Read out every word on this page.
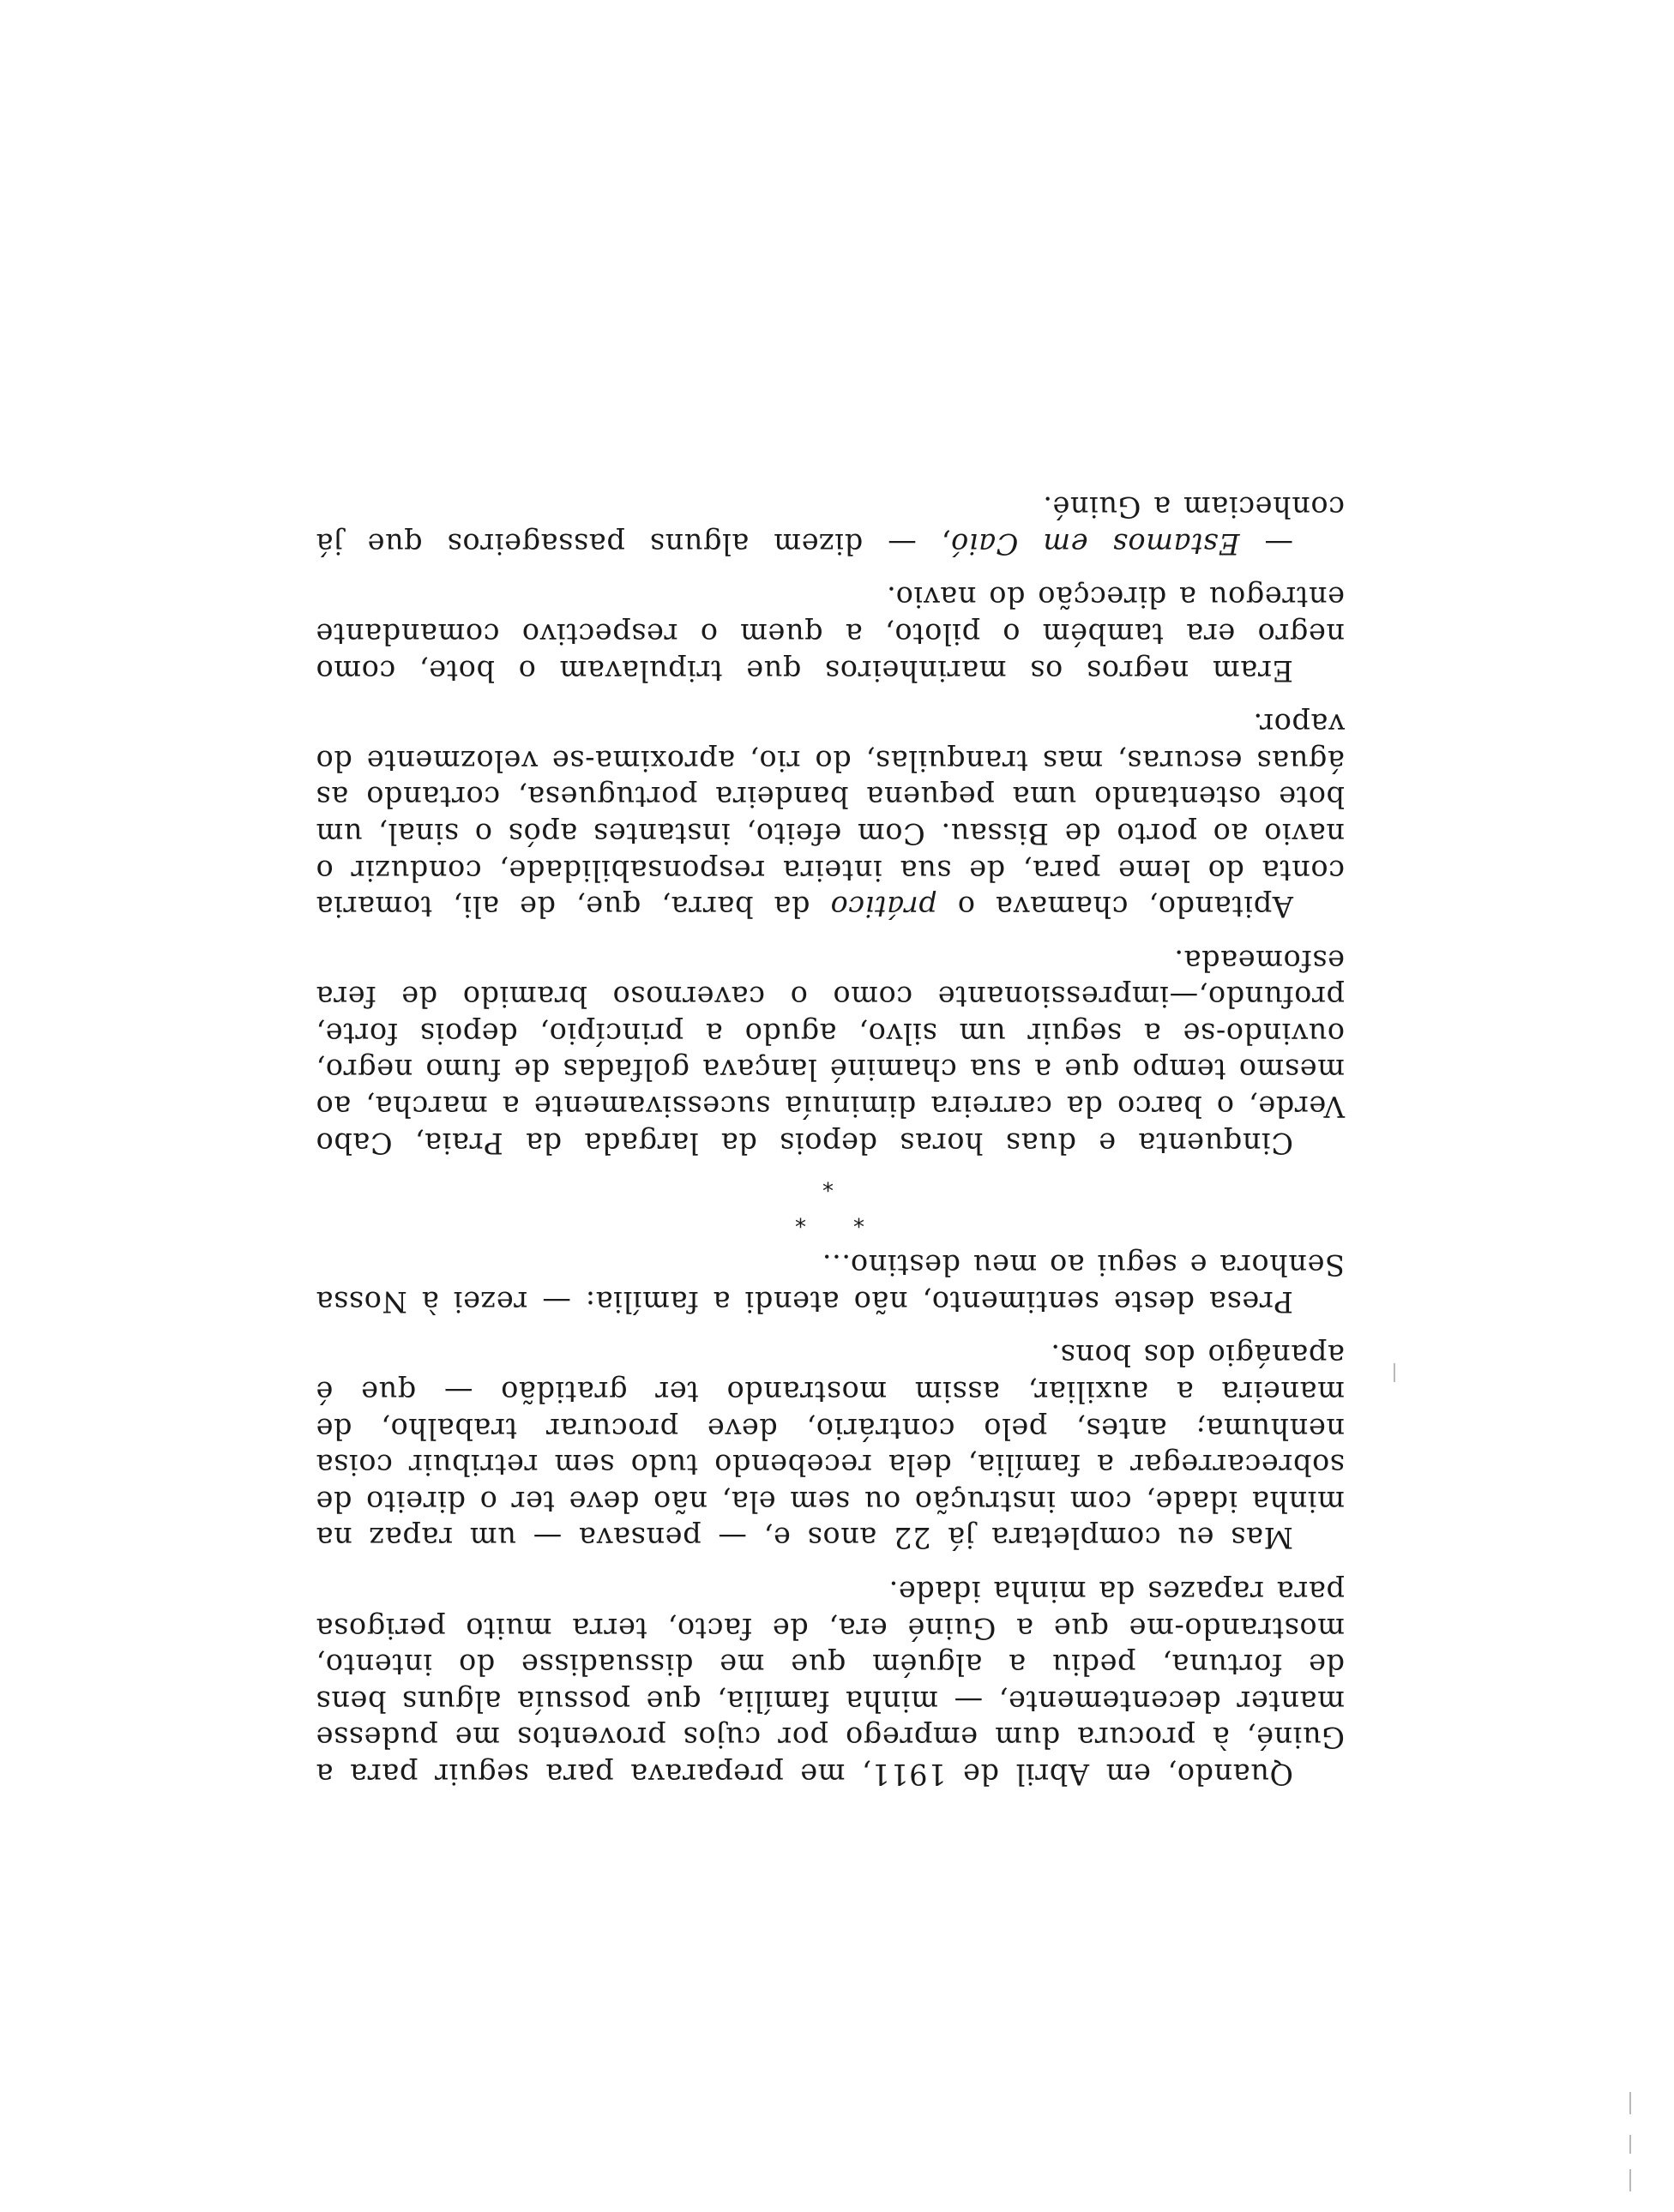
Quando, em Abril de 1911, me preparava para seguir para a Guiné, à procura dum emprego por cujos proventos me pudesse manter decentemente, — minha família, que possuía alguns bens de fortuna, pediu a alguém que me dissuadisse do intento, mostrando-me que a Guiné era, de facto, terra muito perigosa para rapazes da minha idade.

Mas eu completara já 22 anos e, — pensava — um rapaz na minha idade, com instrução ou sem ela, não deve ter o direito de sobrecarregar a família, dela recebendo tudo sem retribuir coisa nenhuma; antes, pelo contrário, deve procurar trabalho, de maneira a auxiliar, assim mostrando ter gratidão — que é apanágio dos bons.

Presa deste sentimento, não atendi a família: — rezei à Nossa Senhora e segui ao meu destino...

*
*
*

Cinquenta e duas horas depois da largada da Praia, Cabo Verde, o barco da carreira diminuía sucessivamente a marcha, ao mesmo tempo que a sua chaminé lançava golfadas de fumo negro, ouvindo-se a seguir um silvo, agudo a princípio, depois forte, profundo,—impressionante como o cavernoso bramido de fera esfomeada.

Apitando, chamava o prático da barra, que, de ali, tomaria conta do leme para, de sua inteira responsabilidade, conduzir o navio ao porto de Bissau. Com efeito, instantes após o sinal, um bote ostentando uma pequena bandeira portuguesa, cortando as águas escuras, mas tranquilas, do rio, aproxima-se velozmente do vapor.

Eram negros os marinheiros que tripulavam o bote, como negro era também o piloto, a quem o respectivo comandante entregou a direcção do navio.

— Estamos em Caió, — dizem alguns passageiros que já conheciam a Guiné.
